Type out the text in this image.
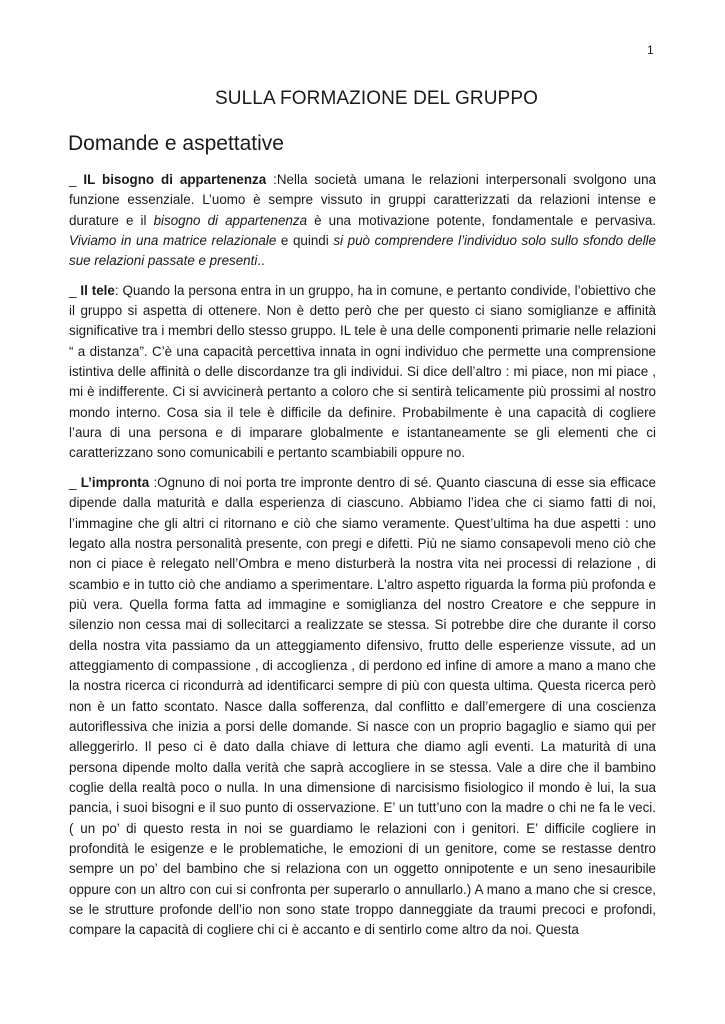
1
SULLA FORMAZIONE DEL GRUPPO
Domande e aspettative

_ IL bisogno di appartenenza :Nella società umana le relazioni interpersonali svolgono una funzione essenziale. L’uomo è sempre vissuto in gruppi caratterizzati da relazioni intense e durature e il bisogno di appartenenza è una motivazione potente, fondamentale e pervasiva. Viviamo in una matrice relazionale e quindi si può comprendere l’individuo solo sullo sfondo delle sue relazioni passate e presenti..

_ Il tele: Quando la persona entra in un gruppo, ha in comune, e pertanto condivide, l’obiettivo che il gruppo si aspetta di ottenere. Non è detto però che per questo ci siano somiglianze e affinità significative tra i membri dello stesso gruppo. IL tele è una delle componenti primarie nelle relazioni “ a distanza”. C’è una capacità percettiva innata in ogni individuo che permette una comprensione istintiva delle affinità o delle discordanze tra gli individui. Si dice dell’altro : mi piace, non mi piace , mi è indifferente. Ci si avvicinerà pertanto a coloro che si sentirà telicamente più prossimi al nostro mondo interno. Cosa sia il tele è difficile da definire. Probabilmente è una capacità di cogliere l’aura di una persona e di imparare globalmente e istantaneamente se gli elementi che ci caratterizzano sono comunicabili e pertanto scambiabili oppure no.

_ L’impronta :Ognuno di noi porta tre impronte dentro di sé. Quanto ciascuna di esse sia efficace dipende dalla maturità e dalla esperienza di ciascuno. Abbiamo l’idea che ci siamo fatti di noi, l’immagine che gli altri ci ritornano e ciò che siamo veramente. Quest’ultima ha due aspetti : uno legato alla nostra personalità presente, con pregi e difetti. Più ne siamo consapevoli meno ciò che non ci piace è relegato nell’Ombra e meno disturberà la nostra vita nei processi di relazione , di scambio e in tutto ciò che andiamo a sperimentare. L’altro aspetto riguarda la forma più profonda e più vera. Quella forma fatta ad immagine e somiglianza del nostro Creatore e che seppure in silenzio non cessa mai di sollecitarci a realizzate se stessa. Si potrebbe dire che durante il corso della nostra vita passiamo da un atteggiamento difensivo, frutto delle esperienze vissute, ad un atteggiamento di compassione , di accoglienza , di perdono ed infine di amore a mano a mano che la nostra ricerca ci ricondurrà ad identificarci sempre di più con questa ultima. Questa ricerca però non è un fatto scontato. Nasce dalla sofferenza, dal conflitto e dall’emergere di una coscienza autoriflessiva che inizia a porsi delle domande. Si nasce con un proprio bagaglio e siamo qui per alleggerirlo. Il peso ci è dato dalla chiave di lettura che diamo agli eventi. La maturità di una persona dipende molto dalla verità che saprà accogliere in se stessa. Vale a dire che il bambino coglie della realtà poco o nulla. In una dimensione di narcisismo fisiologico il mondo è lui, la sua pancia, i suoi bisogni e il suo punto di osservazione. E’ un tutt’uno con la madre o chi ne fa le veci. ( un po’ di questo resta in noi se guardiamo le relazioni con i genitori. E’ difficile cogliere in profondità le esigenze e le problematiche, le emozioni di un genitore, come se restasse dentro sempre un po’ del bambino che si relaziona con un oggetto onnipotente e un seno inesauribile oppure con un altro con cui si confronta per superarlo o annullarlo.) A mano a mano che si cresce, se le strutture profonde dell’io non sono state troppo danneggiate da traumi precoci e profondi, compare la capacità di cogliere chi ci è accanto e di sentirlo come altro da noi. Questa
